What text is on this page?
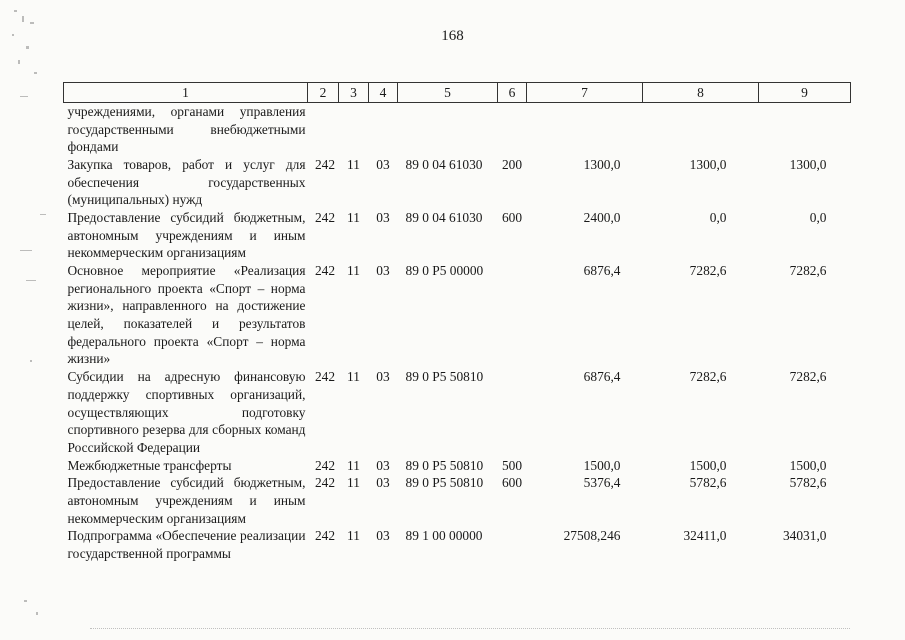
168
1	2	3	4	5	6	7	8	9
учреждениями, органами управления государственными внебюджетными фондами								
Закупка товаров, работ и услуг для обеспечения государственных (муниципальных) нужд	242	11	03	89 0 04 61030	200	1300,0	1300,0	1300,0
Предоставление субсидий бюджетным, автономным учреждениям и иным некоммерческим организациям	242	11	03	89 0 04 61030	600	2400,0	0,0	0,0
Основное мероприятие «Реализация регионального проекта «Спорт – норма жизни», направленного на достижение целей, показателей и результатов федерального проекта «Спорт – норма жизни»	242	11	03	89 0 P5 00000		6876,4	7282,6	7282,6
Субсидии на адресную финансовую поддержку спортивных организаций, осуществляющих подготовку спортивного резерва для сборных команд Российской Федерации	242	11	03	89 0 P5 50810		6876,4	7282,6	7282,6
Межбюджетные трансферты	242	11	03	89 0 P5 50810	500	1500,0	1500,0	1500,0
Предоставление субсидий бюджетным, автономным учреждениям и иным некоммерческим организациям	242	11	03	89 0 P5 50810	600	5376,4	5782,6	5782,6
Подпрограмма «Обеспечение реализации государственной программы	242	11	03	89 1 00 00000		27508,246	32411,0	34031,0
